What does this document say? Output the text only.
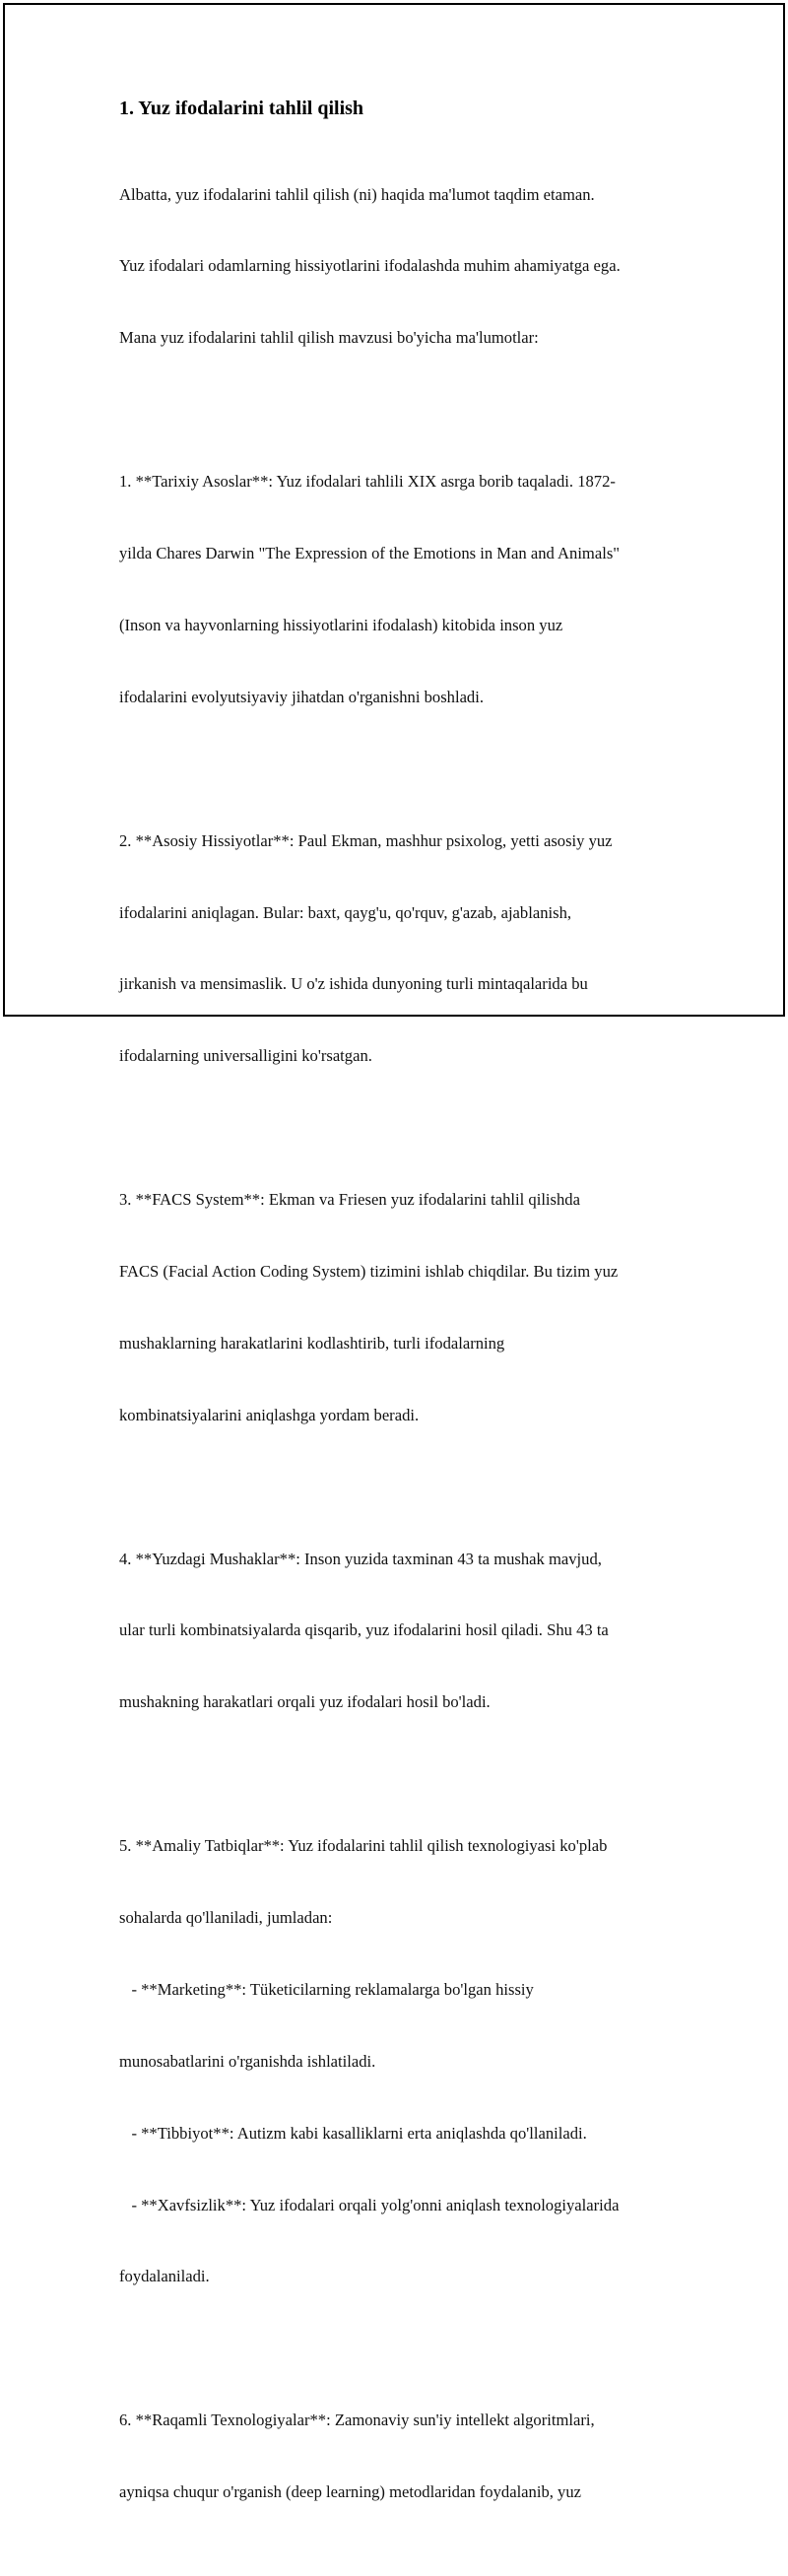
1. Yuz ifodalarini tahlil qilish

Albatta, yuz ifodalarini tahlil qilish (ni) haqida ma'lumot taqdim etaman.

Yuz ifodalari odamlarning hissiyotlarini ifodalashda muhim ahamiyatga ega.

Mana yuz ifodalarini tahlil qilish mavzusi bo'yicha ma'lumotlar:

1. **Tarixiy Asoslar**: Yuz ifodalari tahlili XIX asrga borib taqaladi. 1872-

yilda Chares Darwin "The Expression of the Emotions in Man and Animals"

(Inson va hayvonlarning hissiyotlarini ifodalash) kitobida inson yuz

ifodalarini evolyutsiyaviy jihatdan o'rganishni boshladi.

2. **Asosiy Hissiyotlar**: Paul Ekman, mashhur psixolog, yetti asosiy yuz

ifodalarini aniqlagan. Bular: baxt, qayg'u, qo'rquv, g'azab, ajablanish,

jirkanish va mensimaslik. U o'z ishida dunyoning turli mintaqalarida bu

ifodalarning universalligini ko'rsatgan.

3. **FACS System**: Ekman va Friesen yuz ifodalarini tahlil qilishda

FACS (Facial Action Coding System) tizimini ishlab chiqdilar. Bu tizim yuz

mushaklarning harakatlarini kodlashtirib, turli ifodalarning

kombinatsiyalarini aniqlashga yordam beradi.

4. **Yuzdagi Mushaklar**: Inson yuzida taxminan 43 ta mushak mavjud,

ular turli kombinatsiyalarda qisqarib, yuz ifodalarini hosil qiladi. Shu 43 ta

mushakning harakatlari orqali yuz ifodalari hosil bo'ladi.

5. **Amaliy Tatbiqlar**: Yuz ifodalarini tahlil qilish texnologiyasi ko'plab

sohalarda qo'llaniladi, jumladan:

- **Marketing**: Tüketicilarning reklamalarga bo'lgan hissiy

munosabatlarini o'rganishda ishlatiladi.

- **Tibbiyot**: Autizm kabi kasalliklarni erta aniqlashda qo'llaniladi.

- **Xavfsizlik**: Yuz ifodalari orqali yolg'onni aniqlash texnologiyalarida

foydalaniladi.

6. **Raqamli Texnologiyalar**: Zamonaviy sun'iy intellekt algoritmlari,

ayniqsa chuqur o'rganish (deep learning) metodlaridan foydalanib, yuz
